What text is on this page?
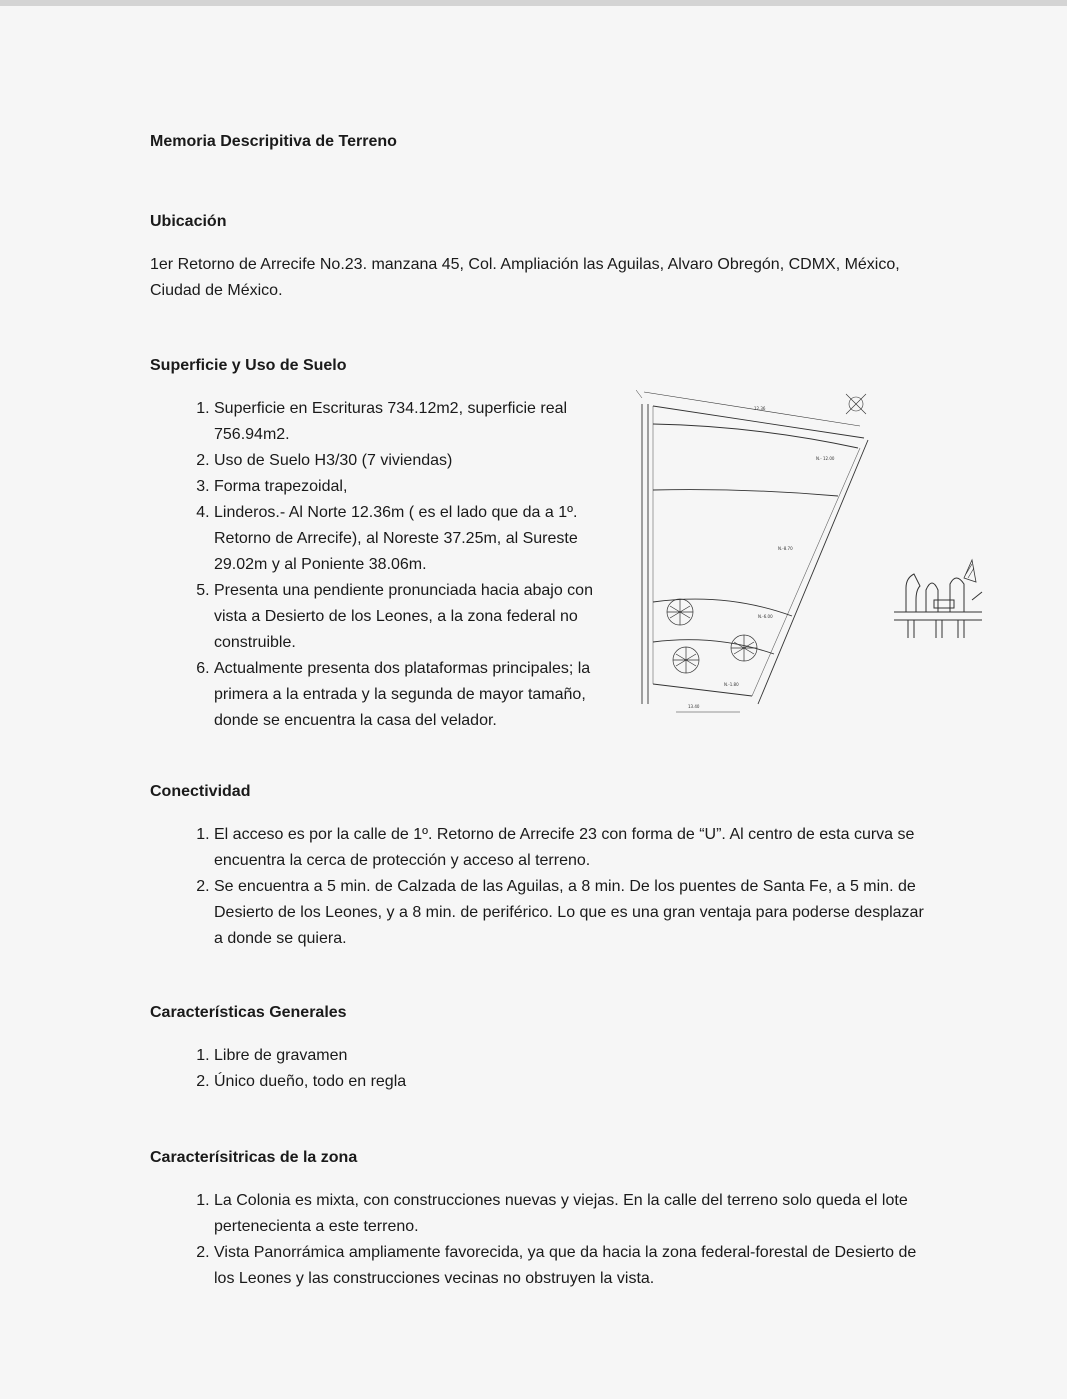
Memoria Descripitiva de Terreno
Ubicación

1er Retorno de Arrecife No.23. manzana 45, Col. Ampliación las Aguilas, Alvaro Obregón, CDMX, México, Ciudad de México.

Superficie y Uso de Suelo
1. Superficie en Escrituras 734.12m2, superficie real 756.94m2.
2. Uso de Suelo H3/30 (7 viviendas)
3. Forma trapezoidal,
4. Linderos.- Al Norte 12.36m ( es el lado que da a 1º. Retorno de Arrecife), al Noreste 37.25m, al Sureste 29.02m y al Poniente 38.06m.
5. Presenta una pendiente pronunciada hacia abajo con vista a Desierto de los Leones, a la zona federal no construible.
6. Actualmente presenta dos plataformas principales; la primera a la entrada y la segunda de mayor tamaño, donde se encuentra la casa del velador.
12.36
N.- 12.00
N.-8.70
N.-6.00
N.-1.80
13.40
Conectividad
1. El acceso es por la calle de 1º. Retorno de Arrecife 23 con forma de “U”. Al centro de esta curva se encuentra la cerca de protección y acceso al terreno.
2. Se encuentra a 5 min. de Calzada de las Aguilas, a 8 min. De los puentes de Santa Fe, a 5 min. de Desierto de los Leones, y a 8 min. de periférico. Lo que es una gran ventaja para poderse desplazar a donde se quiera.
Características Generales
1. Libre de gravamen
2. Único dueño, todo en regla
Caracterísitricas de la zona
1. La Colonia es mixta, con construcciones nuevas y viejas. En la calle del terreno solo queda el lote pertenecienta a este terreno.
2. Vista Panorrámica ampliamente favorecida, ya que da hacia la zona federal-forestal de Desierto de los Leones y las construcciones vecinas no obstruyen la vista.
